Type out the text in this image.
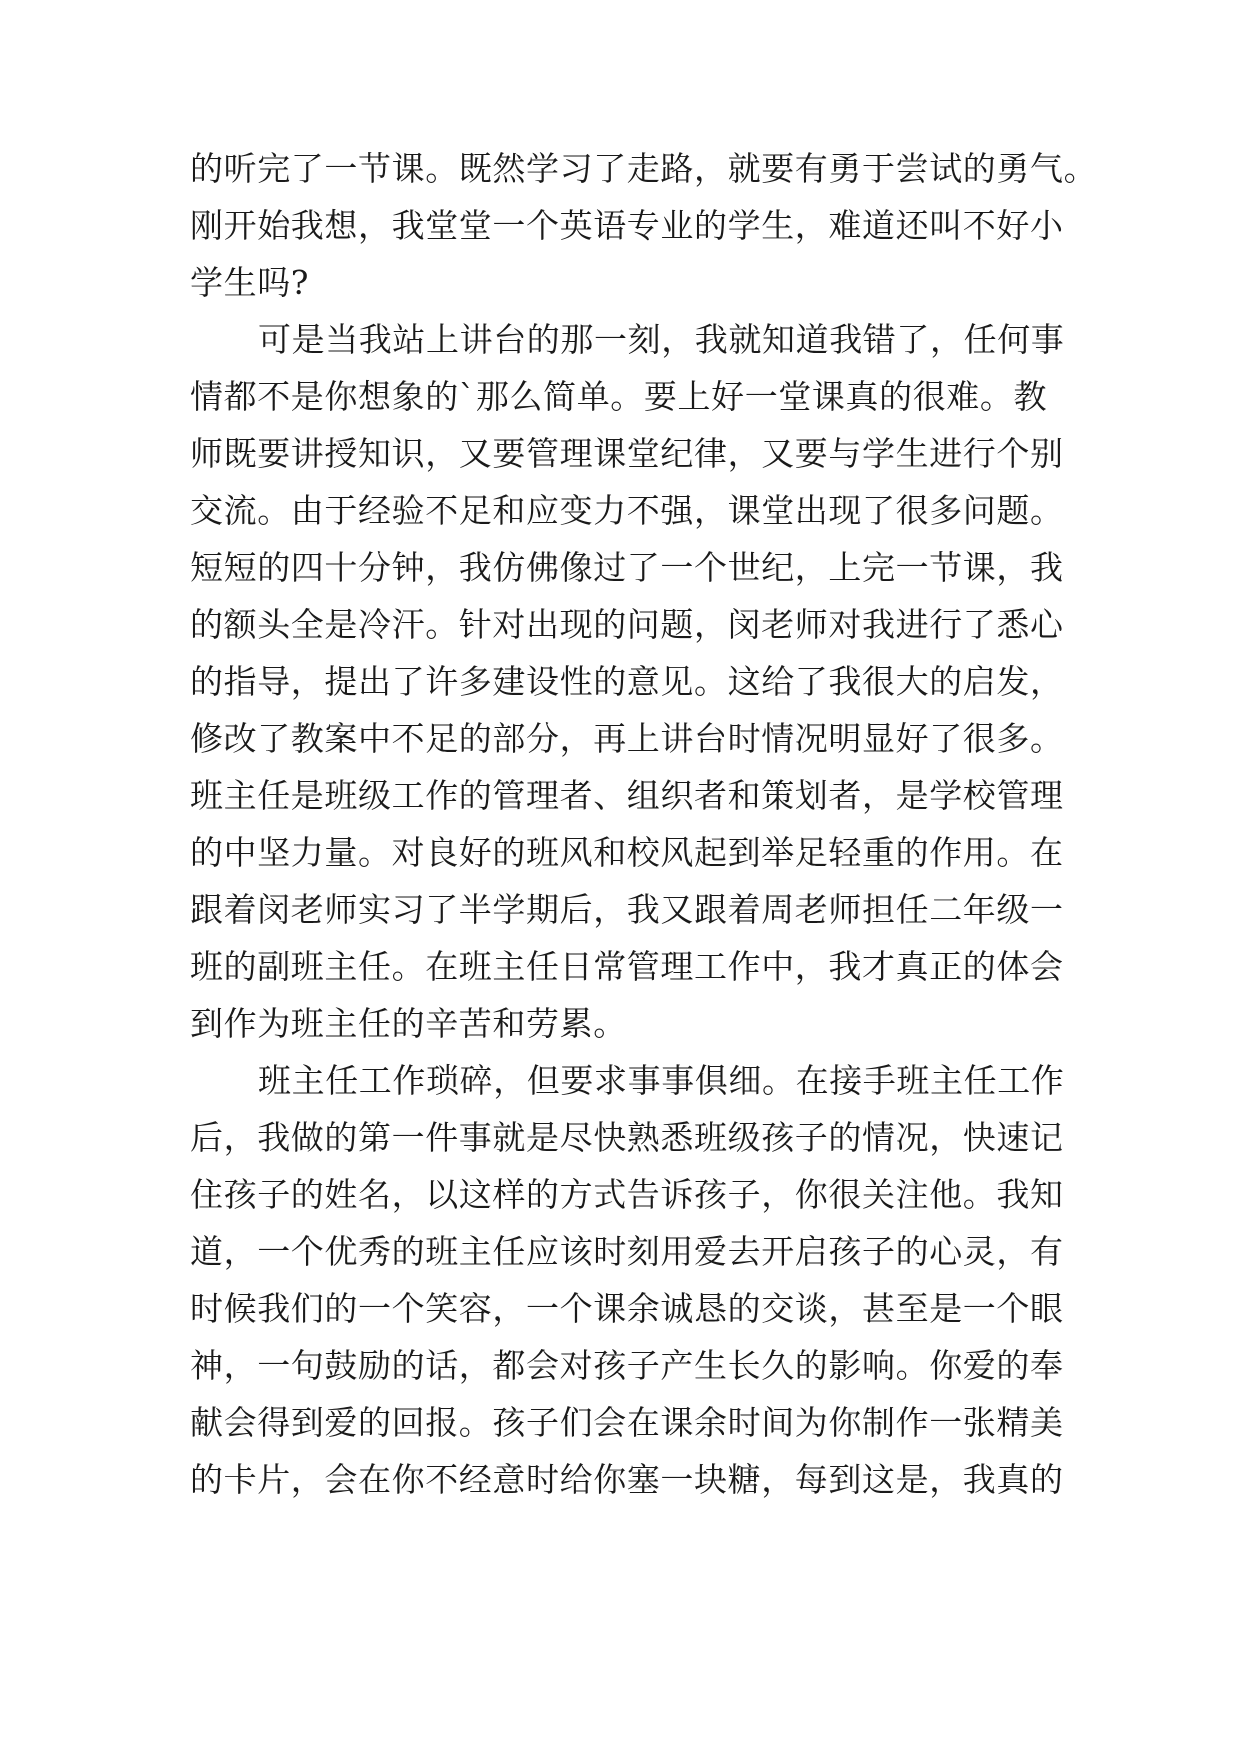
的听完了一节课。既然学习了走路，就要有勇于尝试的勇气。
刚开始我想，我堂堂一个英语专业的学生，难道还叫不好小
学生吗?
可是当我站上讲台的那一刻，我就知道我错了，任何事
情都不是你想象的`那么简单。要上好一堂课真的很难。教
师既要讲授知识，又要管理课堂纪律，又要与学生进行个别
交流。由于经验不足和应变力不强，课堂出现了很多问题。
短短的四十分钟，我仿佛像过了一个世纪，上完一节课，我
的额头全是冷汗。针对出现的问题，闵老师对我进行了悉心
的指导，提出了许多建设性的意见。这给了我很大的启发，
修改了教案中不足的部分，再上讲台时情况明显好了很多。
班主任是班级工作的管理者、组织者和策划者，是学校管理
的中坚力量。对良好的班风和校风起到举足轻重的作用。在
跟着闵老师实习了半学期后，我又跟着周老师担任二年级一
班的副班主任。在班主任日常管理工作中，我才真正的体会
到作为班主任的辛苦和劳累。
班主任工作琐碎，但要求事事俱细。在接手班主任工作
后，我做的第一件事就是尽快熟悉班级孩子的情况，快速记
住孩子的姓名，以这样的方式告诉孩子，你很关注他。我知
道，一个优秀的班主任应该时刻用爱去开启孩子的心灵，有
时候我们的一个笑容，一个课余诚恳的交谈，甚至是一个眼
神，一句鼓励的话，都会对孩子产生长久的影响。你爱的奉
献会得到爱的回报。孩子们会在课余时间为你制作一张精美
的卡片，会在你不经意时给你塞一块糖，每到这是，我真的
